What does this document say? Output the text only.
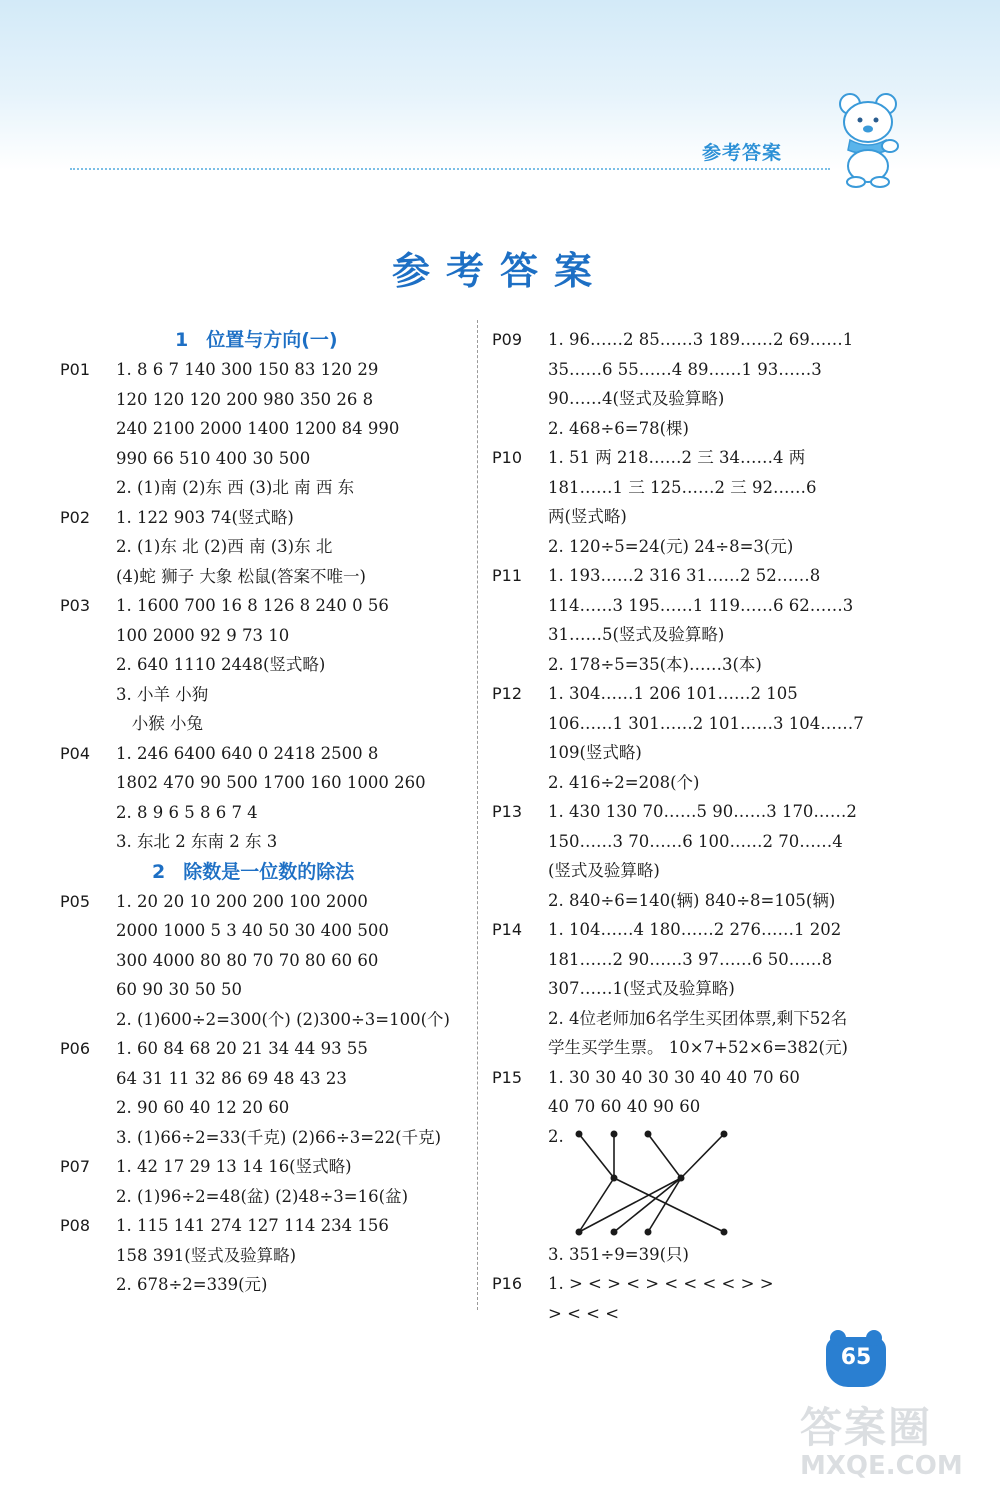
参考答案
参考答案
1 位置与方向(一)
P01	1. 8 6 7 140 300 150 83 120 29
120 120 120 200 980 350 26 8
240 2100 2000 1400 1200 84 990
990 66 510 400 30 500
2. (1)南 (2)东 西 (3)北 南 西 东
P02	1. 122 903 74(竖式略)
2. (1)东 北 (2)西 南 (3)东 北
(4)蛇 狮子 大象 松鼠(答案不唯一)
P03	1. 1600 700 16 8 126 8 240 0 56
100 2000 92 9 73 10
2. 640 1110 2448(竖式略)
3. 小羊 小狗
小猴 小兔
P04	1. 246 6400 640 0 2418 2500 8
1802 470 90 500 1700 160 1000 260
2. 8 9 6 5 8 6 7 4
3. 东北 2 东南 2 东 3
2 除数是一位数的除法
P05	1. 20 20 10 200 200 100 2000
2000 1000 5 3 40 50 30 400 500
300 4000 80 80 70 70 80 60 60
60 90 30 50 50
2. (1)600÷2=300(个) (2)300÷3=100(个)
P06	1. 60 84 68 20 21 34 44 93 55
64 31 11 32 86 69 48 43 23
2. 90 60 40 12 20 60
3. (1)66÷2=33(千克) (2)66÷3=22(千克)
P07	1. 42 17 29 13 14 16(竖式略)
2. (1)96÷2=48(盆) (2)48÷3=16(盆)
P08	1. 115 141 274 127 114 234 156
158 391(竖式及验算略)
2. 678÷2=339(元)
P09	1. 96……2 85……3 189……2 69……1
35……6 55……4 89……1 93……3
90……4(竖式及验算略)
2. 468÷6=78(棵)
P10	1. 51 两 218……2 三 34……4 两
181……1 三 125……2 三 92……6
两(竖式略)
2. 120÷5=24(元) 24÷8=3(元)
P11	1. 193……2 316 31……2 52……8
114……3 195……1 119……6 62……3
31……5(竖式及验算略)
2. 178÷5=35(本)……3(本)
P12	1. 304……1 206 101……2 105
106……1 301……2 101……3 104……7
109(竖式略)
2. 416÷2=208(个)
P13	1. 430 130 70……5 90……3 170……2
150……3 70……6 100……2 70……4
(竖式及验算略)
2. 840÷6=140(辆) 840÷8=105(辆)
P14	1. 104……4 180……2 276……1 202
181……2 90……3 97……6 50……8
307……1(竖式及验算略)
2. 4位老师加6名学生买团体票,剩下52名
学生买学生票。 10×7+52×6=382(元)
P15	1. 30 30 40 30 30 40 40 70 60
40 70 60 40 90 60
2.
3. 351÷9=39(只)
P16	1. > < > < > < < < < > >
> < < <
65
答案圈
MXQE.COM
